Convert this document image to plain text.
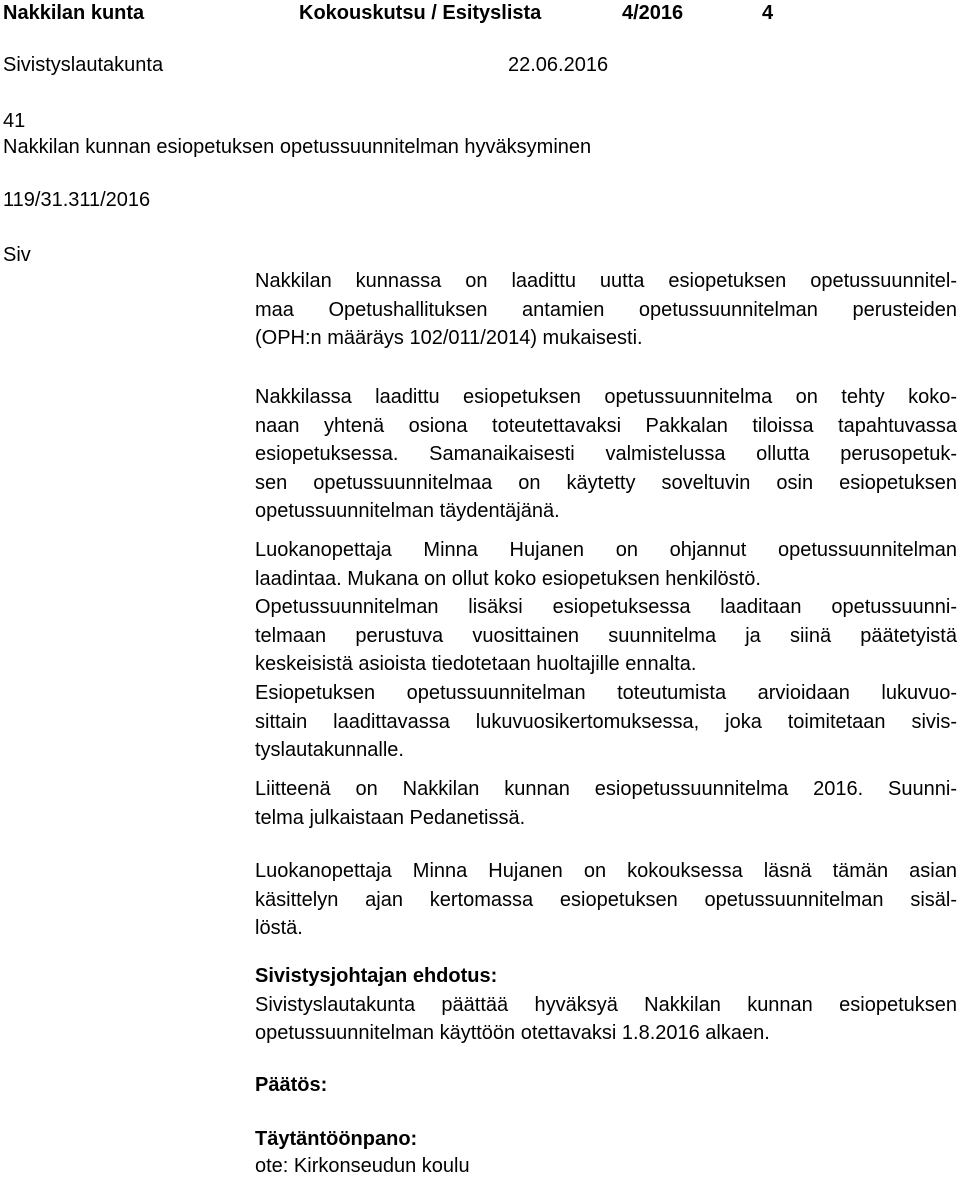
Nakkilan kunta	Kokouskutsu / Esityslista	4/2016	4
Sivistyslautakunta	22.06.2016
41
Nakkilan kunnan esiopetuksen opetussuunnitelman hyväksyminen
119/31.311/2016
Siv
Nakkilan kunnassa on laadittu uutta esiopetuksen opetussuunnitel-
maa Opetushallituksen antamien opetussuunnitelman perusteiden
(OPH:n määräys 102/011/2014) mukaisesti.
Nakkilassa laadittu esiopetuksen opetussuunnitelma on tehty koko-
naan yhtenä osiona toteutettavaksi Pakkalan tiloissa tapahtuvassa
esiopetuksessa. Samanaikaisesti valmistelussa ollutta perusopetuk-
sen opetussuunnitelmaa on käytetty soveltuvin osin esiopetuksen
opetussuunnitelman täydentäjänä.
Luokanopettaja Minna Hujanen on ohjannut opetussuunnitelman
laadintaa. Mukana on ollut koko esiopetuksen henkilöstö.
Opetussuunnitelman lisäksi esiopetuksessa laaditaan opetussuunni-
telmaan perustuva vuosittainen suunnitelma ja siinä päätetyistä
keskeisistä asioista tiedotetaan huoltajille ennalta.
Esiopetuksen opetussuunnitelman toteutumista arvioidaan lukuvuo-
sittain laadittavassa lukuvuosikertomuksessa, joka toimitetaan sivis-
tyslautakunnalle.
Liitteenä on Nakkilan kunnan esiopetussuunnitelma 2016. Suunni-
telma julkaistaan Pedanetissä.
Luokanopettaja Minna Hujanen on kokouksessa läsnä tämän asian
käsittelyn ajan kertomassa esiopetuksen opetussuunnitelman sisäl-
löstä.
Sivistysjohtajan ehdotus:
Sivistyslautakunta päättää hyväksyä Nakkilan kunnan esiopetuksen
opetussuunnitelman käyttöön otettavaksi 1.8.2016 alkaen.
Päätös:
Täytäntöönpano:
ote: Kirkonseudun koulu
